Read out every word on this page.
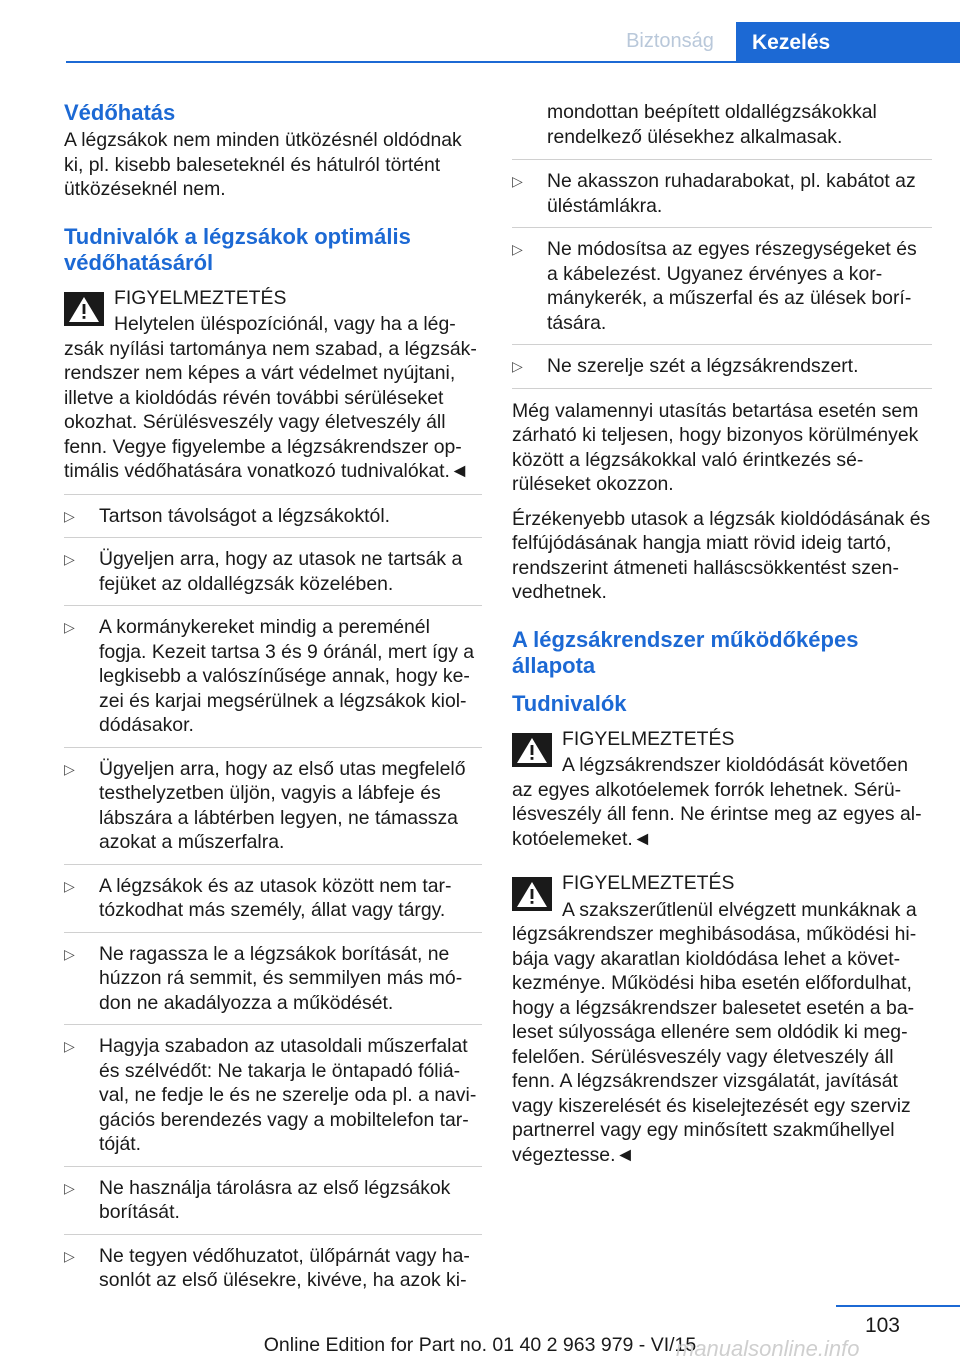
Biztonság	Kezelés
Védőhatás

A légzsákok nem minden ütközésnél oldódnak ki, pl. kisebb baleseteknél és hátulról történt ütközéseknél nem.

Tudnivalók a légzsákok optimális védőhatásáról
FIGYELMEZTETÉS
Helytelen üléspozíciónál, vagy ha a légzsák nyílási tartománya nem szabad, a légzsákrendszer nem képes a várt védelmet nyújtani, illetve a kioldódás révén további sérüléseket okozhat. Sérülésveszély vagy életveszély áll fenn. Vegye figyelembe a légzsákrendszer optimális védőhatására vonatkozó tudnivalókat.◄
▷ Tartson távolságot a légzsákoktól.
▷ Ügyeljen arra, hogy az utasok ne tartsák a fejüket az oldallégzsák közelében.
▷ A kormánykereket mindig a pereménél fogja. Kezeit tartsa 3 és 9 óránál, mert így a legkisebb a valószínűsége annak, hogy kezei és karjai megsérülnek a légzsákok kioldódásakor.
▷ Ügyeljen arra, hogy az első utas megfelelő testhelyzetben üljön, vagyis a lábfeje és lábszára a lábtérben legyen, ne támassza azokat a műszerfalra.
▷ A légzsákok és az utasok között nem tartózkodhat más személy, állat vagy tárgy.
▷ Ne ragassza le a légzsákok borítását, ne húzzon rá semmit, és semmilyen más módon ne akadályozza a működését.
▷ Hagyja szabadon az utasoldali műszerfalat és szélvédőt: Ne takarja le öntapadó fóliával, ne fedje le és ne szerelje oda pl. a navigációs berendezés vagy a mobiltelefon tartóját.
▷ Ne használja tárolásra az első légzsákok borítását.
▷ Ne tegyen védőhuzatot, ülőpárnát vagy hasonlót az első ülésekre, kivéve, ha azok ki-
mondottan beépített oldallégzsákokkal rendelkező ülésekhez alkalmasak.
▷ Ne akasszon ruhadarabokat, pl. kabátot az üléstámlákra.
▷ Ne módosítsa az egyes részegységeket és a kábelezést. Ugyanez érvényes a kormánykerék, a műszerfal és az ülések borítására.
▷ Ne szerelje szét a légzsákrendszert.

Még valamennyi utasítás betartása esetén sem zárható ki teljesen, hogy bizonyos körülmények között a légzsákokkal való érintkezés sérüléseket okozzon.

Érzékenyebb utasok a légzsák kioldódásának és felfújódásának hangja miatt rövid ideig tartó, rendszerint átmeneti halláscsökkentést szenvedhetnek.

A légzsákrendszer működőképes állapota
Tudnivalók
FIGYELMEZTETÉS
A légzsákrendszer kioldódását követően az egyes alkotóelemek forrók lehetnek. Sérülésveszély áll fenn. Ne érintse meg az egyes alkotóelemeket.◄
FIGYELMEZTETÉS
A szakszerűtlenül elvégzett munkáknak a légzsákrendszer meghibásodása, működési hibája vagy akaratlan kioldódása lehet a következménye. Működési hiba esetén előfordulhat, hogy a légzsákrendszer balesetet esetén a baleset súlyossága ellenére sem oldódik ki megfelelően. Sérülésveszély vagy életveszély áll fenn. A légzsákrendszer vizsgálatát, javítását vagy kiszerelését és kiselejtezését egy szerviz partnerrel vagy egy minősített szakműhellyel végeztesse.◄
103
Online Edition for Part no. 01 40 2 963 979 - VI/15
manualsonline.info
